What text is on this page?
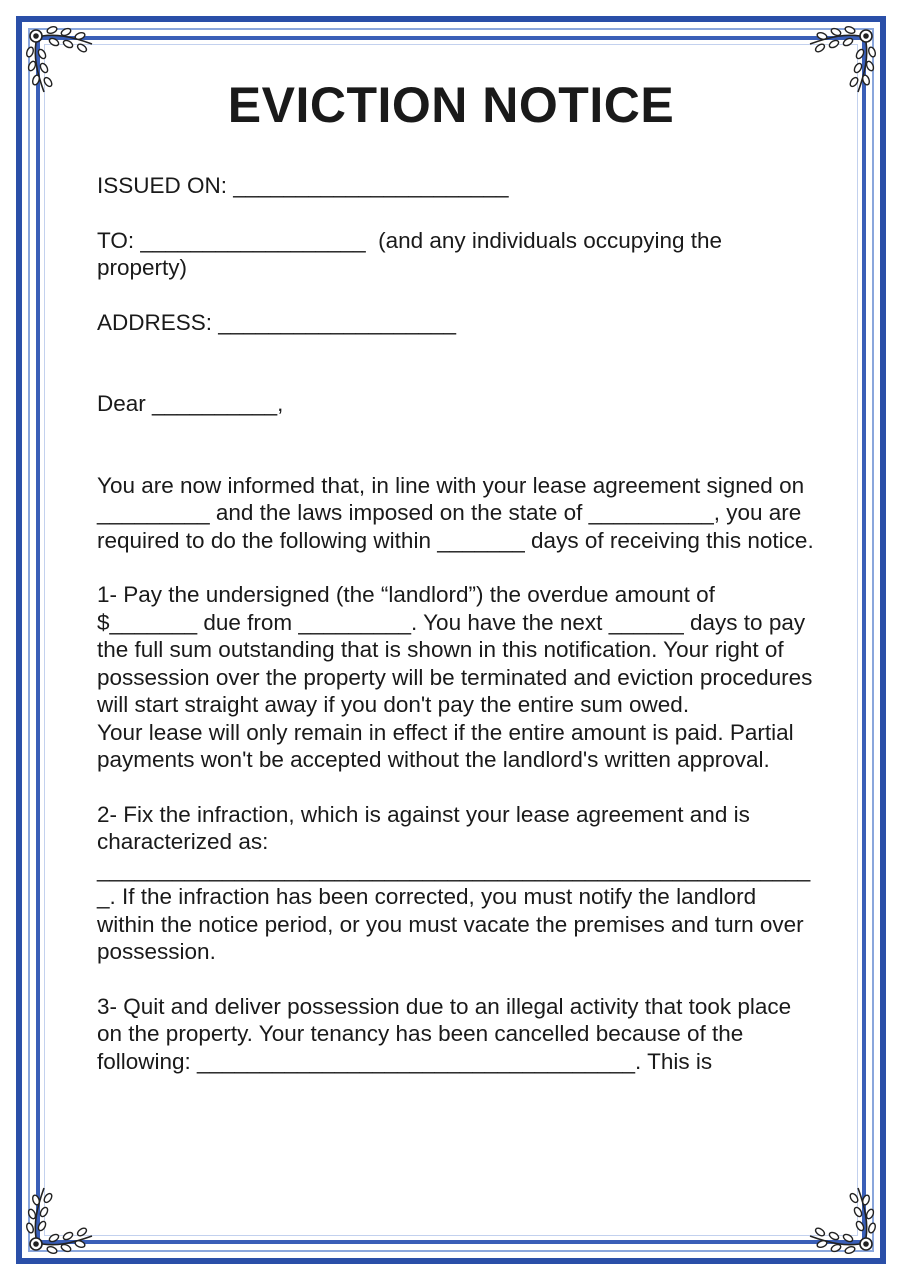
EVICTION NOTICE

ISSUED ON: ______________________

TO: __________________  (and any individuals occupying the property)

ADDRESS: ___________________

Dear __________,

You are now informed that, in line with your lease agreement signed on _________ and the laws imposed on the state of __________, you are required to do the following within _______ days of receiving this notice.

1- Pay the undersigned (the “landlord”) the overdue amount of $_______ due from _________. You have the next ______ days to pay the full sum outstanding that is shown in this notification. Your right of possession over the property will be terminated and eviction procedures will start straight away if you don't pay the entire sum owed.

Your lease will only remain in effect if the entire amount is paid. Partial payments won't be accepted without the landlord's written approval.

2- Fix the infraction, which is against your lease agreement and is characterized as:

_________________________________________________________

_. If the infraction has been corrected, you must notify the landlord within the notice period, or you must vacate the premises and turn over possession.

3- Quit and deliver possession due to an illegal activity that took place on the property. Your tenancy has been cancelled because of the following: ___________________________________. This is
